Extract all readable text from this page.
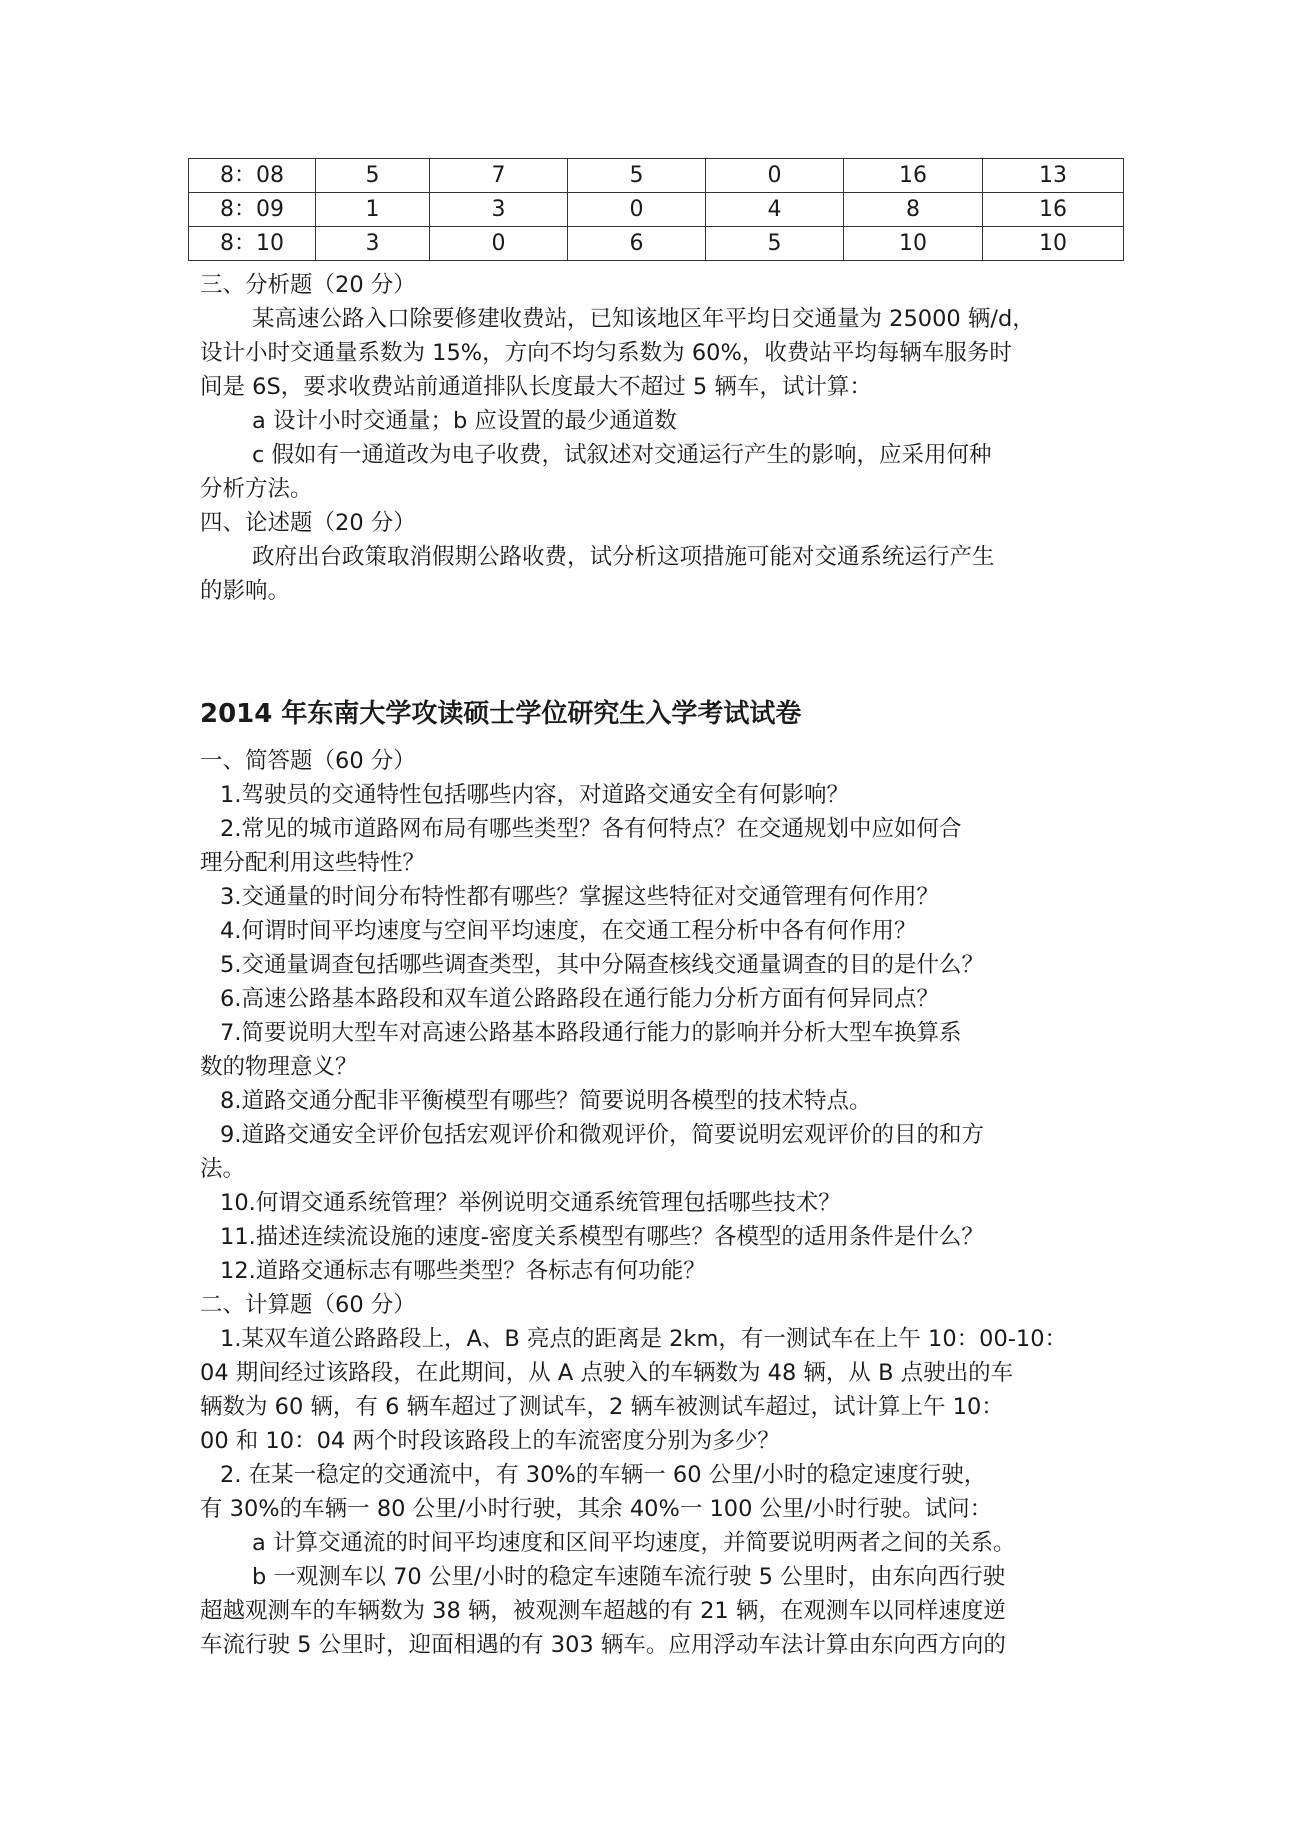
8：08	5	7	5	0	16	13
8：09	1	3	0	4	8	16
8：10	3	0	6	5	10	10
三、分析题（20 分）
某高速公路入口除要修建收费站，已知该地区年平均日交通量为 25000 辆/d，
设计小时交通量系数为 15%，方向不均匀系数为 60%，收费站平均每辆车服务时
间是 6S，要求收费站前通道排队长度最大不超过 5 辆车，试计算：
a 设计小时交通量；b 应设置的最少通道数
c 假如有一通道改为电子收费，试叙述对交通运行产生的影响，应采用何种
分析方法。
四、论述题（20 分）
政府出台政策取消假期公路收费，试分析这项措施可能对交通系统运行产生
的影响。
2014 年东南大学攻读硕士学位研究生入学考试试卷
一、简答题（60 分）
1.驾驶员的交通特性包括哪些内容，对道路交通安全有何影响？
2.常见的城市道路网布局有哪些类型？各有何特点？在交通规划中应如何合
理分配利用这些特性？
3.交通量的时间分布特性都有哪些？掌握这些特征对交通管理有何作用？
4.何谓时间平均速度与空间平均速度，在交通工程分析中各有何作用？
5.交通量调查包括哪些调查类型，其中分隔查核线交通量调查的目的是什么？
6.高速公路基本路段和双车道公路路段在通行能力分析方面有何异同点？
7.简要说明大型车对高速公路基本路段通行能力的影响并分析大型车换算系
数的物理意义？
8.道路交通分配非平衡模型有哪些？简要说明各模型的技术特点。
9.道路交通安全评价包括宏观评价和微观评价，简要说明宏观评价的目的和方
法。
10.何谓交通系统管理？举例说明交通系统管理包括哪些技术？
11.描述连续流设施的速度-密度关系模型有哪些？各模型的适用条件是什么？
12.道路交通标志有哪些类型？各标志有何功能？
二、计算题（60 分）
1.某双车道公路路段上，A、B 亮点的距离是 2km，有一测试车在上午 10：00-10：
04 期间经过该路段，在此期间，从 A 点驶入的车辆数为 48 辆，从 B 点驶出的车
辆数为 60 辆，有 6 辆车超过了测试车，2 辆车被测试车超过，试计算上午 10：
00 和 10：04 两个时段该路段上的车流密度分别为多少？
2. 在某一稳定的交通流中，有 30%的车辆一 60 公里/小时的稳定速度行驶，
有 30%的车辆一 80 公里/小时行驶，其余 40%一 100 公里/小时行驶。试问：
a 计算交通流的时间平均速度和区间平均速度，并简要说明两者之间的关系。
b 一观测车以 70 公里/小时的稳定车速随车流行驶 5 公里时，由东向西行驶
超越观测车的车辆数为 38 辆，被观测车超越的有 21 辆，在观测车以同样速度逆
车流行驶 5 公里时，迎面相遇的有 303 辆车。应用浮动车法计算由东向西方向的
